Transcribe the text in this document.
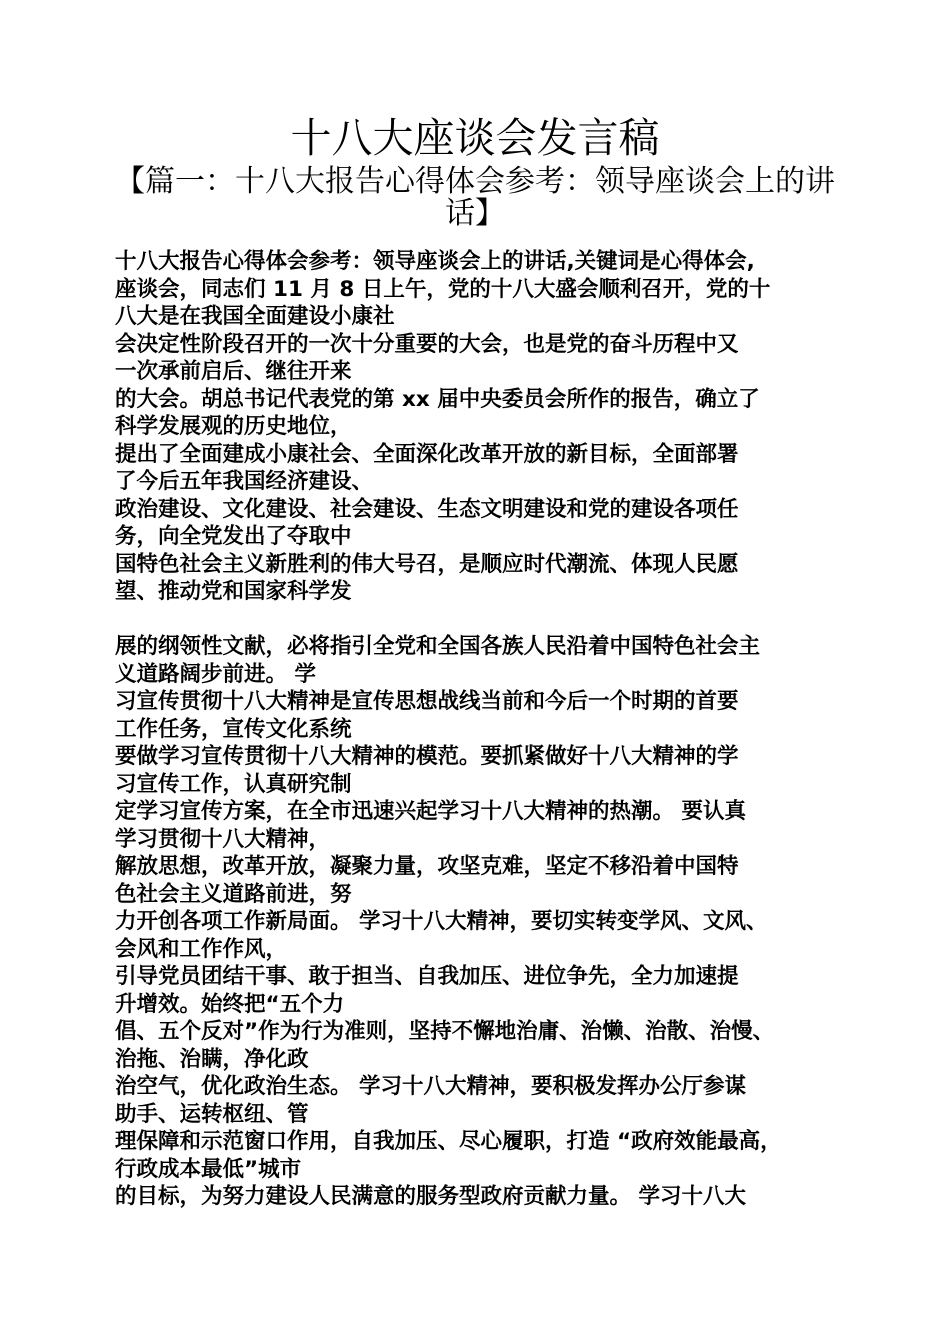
十八大座谈会发言稿
【篇一：十八大报告心得体会参考：领导座谈会上的讲
话】
十八大报告心得体会参考：领导座谈会上的讲话,关键词是心得体会,
座谈会，同志们 11 月 8 日上午，党的十八大盛会顺利召开，党的十
八大是在我国全面建设小康社
会决定性阶段召开的一次十分重要的大会，也是党的奋斗历程中又
一次承前启后、继往开来
的大会。胡总书记代表党的第 xx 届中央委员会所作的报告，确立了
科学发展观的历史地位，
提出了全面建成小康社会、全面深化改革开放的新目标，全面部署
了今后五年我国经济建设、
政治建设、文化建设、社会建设、生态文明建设和党的建设各项任
务，向全党发出了夺取中
国特色社会主义新胜利的伟大号召，是顺应时代潮流、体现人民愿
望、推动党和国家科学发
展的纲领性文献，必将指引全党和全国各族人民沿着中国特色社会主
义道路阔步前进。 学
习宣传贯彻十八大精神是宣传思想战线当前和今后一个时期的首要
工作任务，宣传文化系统
要做学习宣传贯彻十八大精神的模范。要抓紧做好十八大精神的学
习宣传工作，认真研究制
定学习宣传方案，在全市迅速兴起学习十八大精神的热潮。 要认真
学习贯彻十八大精神，
解放思想，改革开放，凝聚力量，攻坚克难，坚定不移沿着中国特
色社会主义道路前进，努
力开创各项工作新局面。 学习十八大精神，要切实转变学风、文风、
会风和工作作风，
引导党员团结干事、敢于担当、自我加压、进位争先，全力加速提
升增效。始终把“五个力
倡、五个反对”作为行为准则，坚持不懈地治庸、治懒、治散、治慢、
治拖、治瞒，净化政
治空气，优化政治生态。 学习十八大精神，要积极发挥办公厅参谋
助手、运转枢纽、管
理保障和示范窗口作用，自我加压、尽心履职，打造 “政府效能最高，
行政成本最低”城市
的目标，为努力建设人民满意的服务型政府贡献力量。 学习十八大
